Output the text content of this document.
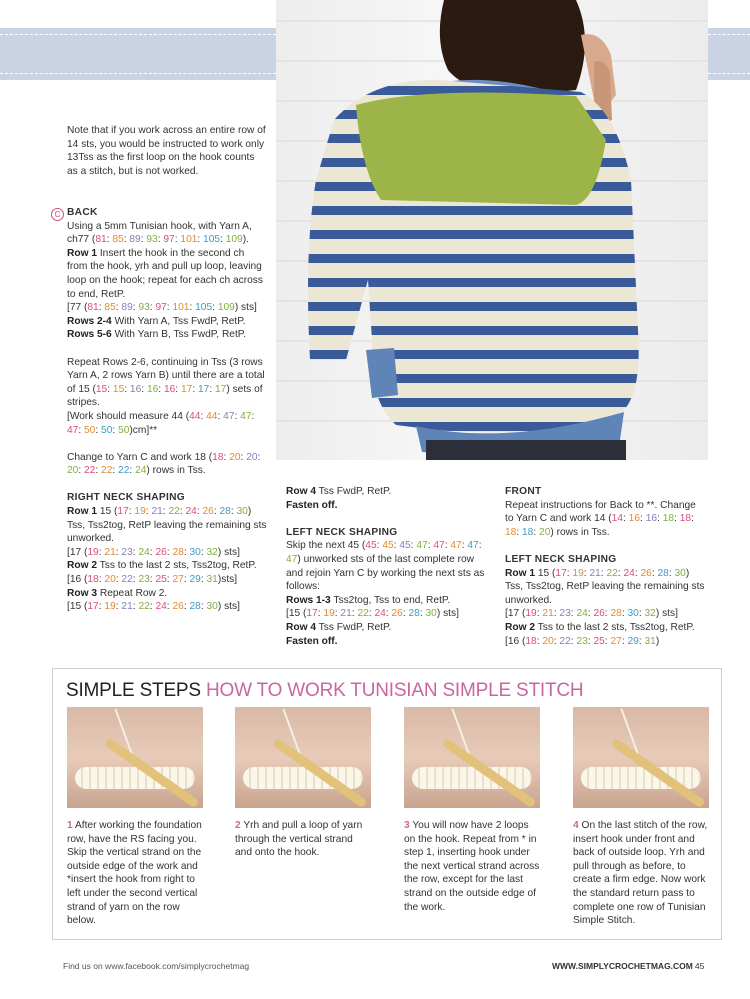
Note that if you work across an entire row of 14 sts, you would be instructed to work only 13Tss as the first loop on the hook counts as a stitch, but is not worked.

C BACK

Using a 5mm Tunisian hook, with Yarn A, ch77 (81: 85: 89: 93: 97: 101: 105: 109).

Row 1 Insert the hook in the second ch from the hook, yrh and pull up loop, leaving loop on the hook; repeat for each ch across to end, RetP.

[77 (81: 85: 89: 93: 97: 101: 105: 109) sts]

Rows 2-4 With Yarn A, Tss FwdP, RetP.

Rows 5-6 With Yarn B, Tss FwdP, RetP.

Repeat Rows 2-6, continuing in Tss (3 rows Yarn A, 2 rows Yarn B) until there are a total of 15 (15: 15: 16: 16: 16: 17: 17: 17) sets of stripes.

[Work should measure 44 (44: 44: 47: 47: 47: 50: 50: 50)cm]**

Change to Yarn C and work 18 (18: 20: 20: 20: 22: 22: 22: 24) rows in Tss.

RIGHT NECK SHAPING

Row 1 15 (17: 19: 21: 22: 24: 26: 28: 30) Tss, Tss2tog, RetP leaving the remaining sts unworked.

[17 (19: 21: 23: 24: 26: 28: 30: 32) sts]

Row 2 Tss to the last 2 sts, Tss2tog, RetP.

[16 (18: 20: 22: 23: 25: 27: 29: 31)sts]

Row 3 Repeat Row 2.

[15 (17: 19: 21: 22: 24: 26: 28: 30) sts]

Row 4 Tss FwdP, RetP.

Fasten off.

LEFT NECK SHAPING

Skip the next 45 (45: 45: 45: 47: 47: 47: 47: 47) unworked sts of the last complete row and rejoin Yarn C by working the next sts as follows:

Rows 1-3 Tss2tog, Tss to end, RetP.

[15 (17: 19: 21: 22: 24: 26: 28: 30) sts]

Row 4 Tss FwdP, RetP.

Fasten off.

FRONT

Repeat instructions for Back to **. Change to Yarn C and work 14 (14: 16: 16: 18: 18: 18: 18: 20) rows in Tss.

LEFT NECK SHAPING

Row 1 15 (17: 19: 21: 22: 24: 26: 28: 30) Tss, Tss2tog, RetP leaving the remaining sts unworked.

[17 (19: 21: 23: 24: 26: 28: 30: 32) sts]

Row 2 Tss to the last 2 sts, Tss2tog, RetP. [16 (18: 20: 22: 23: 25: 27: 29: 31)

SIMPLE STEPS HOW TO WORK TUNISIAN SIMPLE STITCH
1 After working the foundation row, have the RS facing you. Skip the vertical strand on the outside edge of the work and *insert the hook from right to left under the second vertical strand of yarn on the row below.
2 Yrh and pull a loop of yarn through the vertical strand and onto the hook.
3 You will now have 2 loops on the hook. Repeat from * in step 1, inserting hook under the next vertical strand across the row, except for the last strand on the outside edge of the work.
4 On the last stitch of the row, insert hook under front and back of outside loop. Yrh and pull through as before, to create a firm edge. Now work the standard return pass to complete one row of Tunisian Simple Stitch.
Find us on www.facebook.com/simplycrochetmag	WWW.SIMPLYCROCHETMAG.COM 45
